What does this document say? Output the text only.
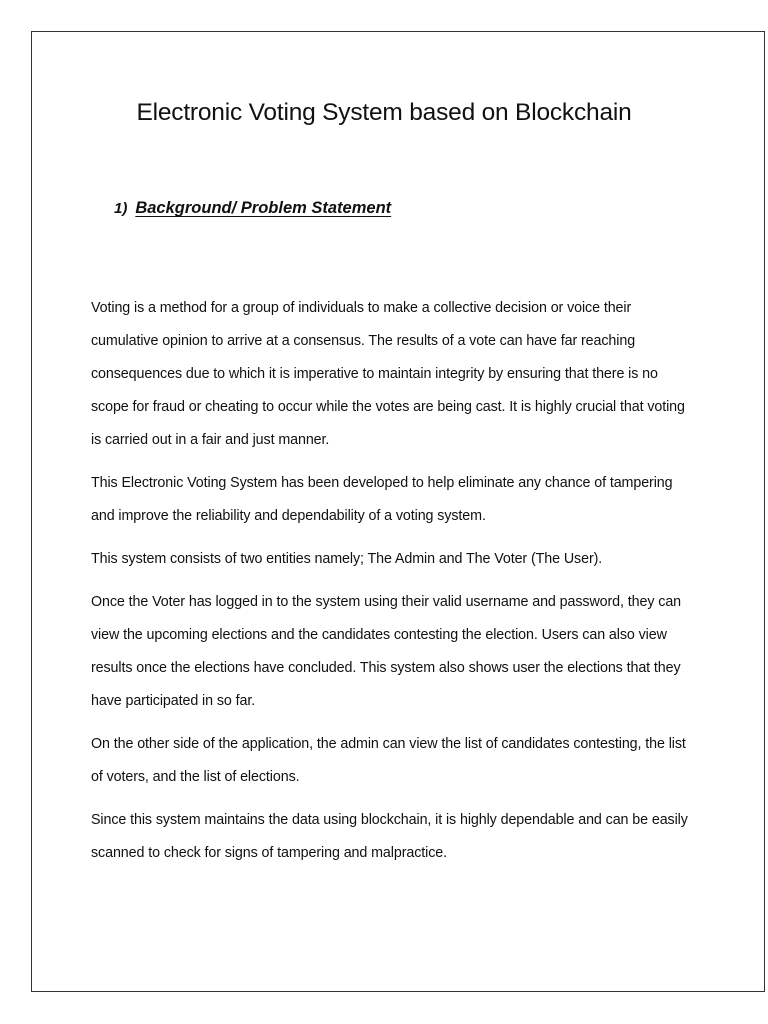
Electronic Voting System based on Blockchain
1) Background/ Problem Statement

Voting is a method for a group of individuals to make a collective decision or voice their cumulative opinion to arrive at a consensus. The results of a vote can have far reaching consequences due to which it is imperative to maintain integrity by ensuring that there is no scope for fraud or cheating to occur while the votes are being cast. It is highly crucial that voting is carried out in a fair and just manner.

This Electronic Voting System has been developed to help eliminate any chance of tampering and improve the reliability and dependability of a voting system.

This system consists of two entities namely; The Admin and The Voter (The User).

Once the Voter has logged in to the system using their valid username and password, they can view the upcoming elections and the candidates contesting the election. Users can also view results once the elections have concluded. This system also shows user the elections that they have participated in so far.

On the other side of the application, the admin can view the list of candidates contesting, the list of voters, and the list of elections.

Since this system maintains the data using blockchain, it is highly dependable and can be easily scanned to check for signs of tampering and malpractice.
